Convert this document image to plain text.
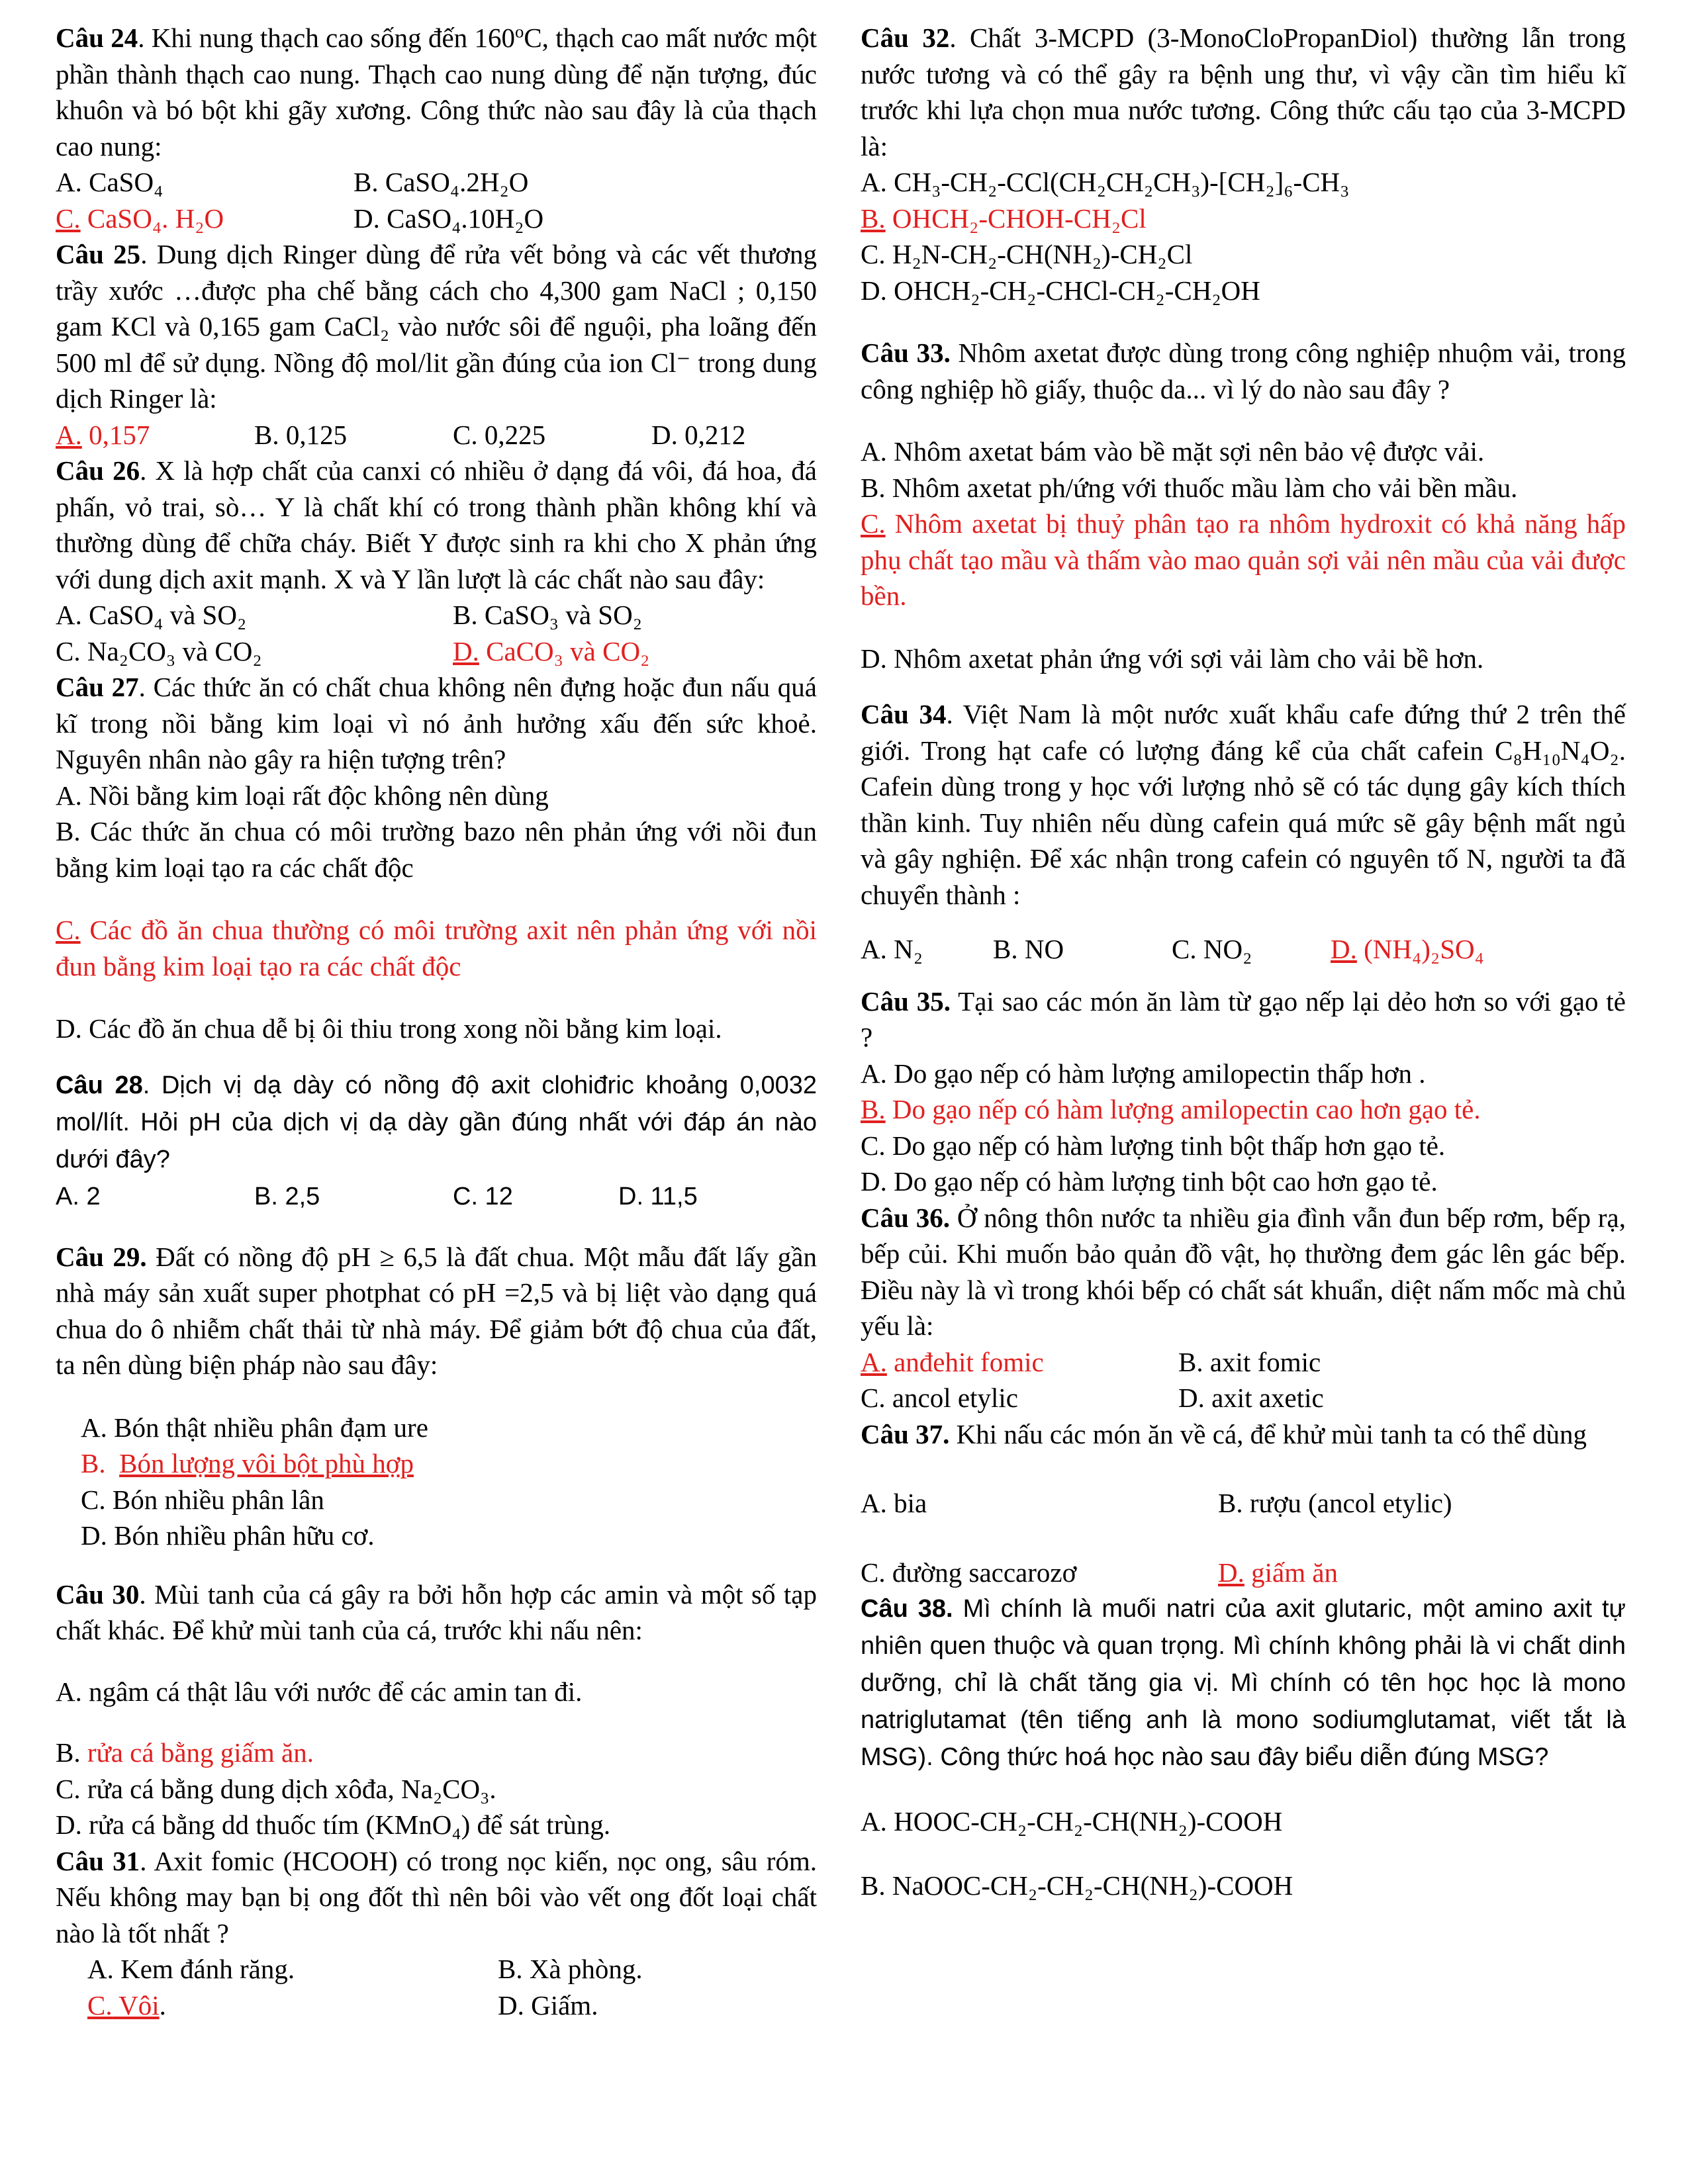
Câu 24. Khi nung thạch cao sống đến 160$^o$C, thạch cao mất nước một phần thành thạch cao nung. Thạch cao nung dùng để nặn tượng, đúc khuôn và bó bột khi gãy xương. Công thức nào sau đây là của thạch cao nung:

A. CaSO₄	B. CaSO₄.2H₂O
C. CaSO₄. H₂O	D. CaSO₄.10H₂O

Câu 25. Dung dịch Ringer dùng để rửa vết bỏng và các vết thương trầy xước …được pha chế bằng cách cho 4,300 gam NaCl ; 0,150 gam KCl và 0,165 gam CaCl₂ vào nước sôi để nguội, pha loãng đến 500 ml để sử dụng. Nồng độ mol/lit gần đúng của ion Cl⁻ trong dung dịch Ringer là:

A. 0,157	B. 0,125	C. 0,225	D. 0,212

Câu 26. X là hợp chất của canxi có nhiều ở dạng đá vôi, đá hoa, đá phấn, vỏ trai, sò… Y là chất khí có trong thành phần không khí và thường dùng để chữa cháy. Biết Y được sinh ra khi cho X phản ứng với dung dịch axit mạnh. X và Y lần lượt là các chất nào sau đây:

A. CaSO₄ và SO₂	B. CaSO₃ và SO₂
C. Na₂CO₃ và CO₂	D. CaCO₃ và CO₂

Câu 27. Các thức ăn có chất chua không nên đựng hoặc đun nấu quá kĩ trong nồi bằng kim loại vì nó ảnh hưởng xấu đến sức khoẻ. Nguyên nhân nào gây ra hiện tượng trên?

A. Nồi bằng kim loại rất độc không nên dùng

B. Các thức ăn chua có môi trường bazo nên phản ứng với nồi đun bằng kim loại tạo ra các chất độc

C. Các đồ ăn chua thường có môi trường axit nên phản ứng với nồi đun bằng kim loại tạo ra các chất độc

D. Các đồ ăn chua dễ bị ôi thiu trong xong nồi bằng kim loại.

Câu 28. Dịch vị dạ dày có nồng độ axit clohiđric khoảng 0,0032 mol/lít. Hỏi pH của dịch vị dạ dày gần đúng nhất với đáp án nào dưới đây?

A. 2	B. 2,5	C. 12	D. 11,5

Câu 29. Đất có nồng độ pH ≥ 6,5 là đất chua. Một mẫu đất lấy gần nhà máy sản xuất super photphat có pH =2,5 và bị liệt vào dạng quá chua do ô nhiễm chất thải từ nhà máy. Để giảm bớt độ chua của đất, ta nên dùng biện pháp nào sau đây:

A. Bón thật nhiều phân đạm ure

B. Bón lượng vôi bột phù hợp

C. Bón nhiều phân lân

D. Bón nhiều phân hữu cơ.

Câu 30. Mùi tanh của cá gây ra bởi hỗn hợp các amin và một số tạp chất khác. Để khử mùi tanh của cá, trước khi nấu nên:

A. ngâm cá thật lâu với nước để các amin tan đi.

B. rửa cá bằng giấm ăn.

C. rửa cá bằng dung dịch xôđa, Na₂CO₃.

D. rửa cá bằng dd thuốc tím (KMnO₄) để sát trùng.

Câu 31. Axit fomic (HCOOH) có trong nọc kiến, nọc ong, sâu róm. Nếu không may bạn bị ong đốt thì nên bôi vào vết ong đốt loại chất nào là tốt nhất ?

A. Kem đánh răng.	B. Xà phòng.
C. Vôi.	D. Giấm.

Câu 32. Chất 3-MCPD (3-MonoCloPropanDiol) thường lẫn trong nước tương và có thể gây ra bệnh ung thư, vì vậy cần tìm hiểu kĩ trước khi lựa chọn mua nước tương. Công thức cấu tạo của 3-MCPD là:

A. CH₃-CH₂-CCl(CH₂CH₂CH₃)-[CH₂]₆-CH₃

B. OHCH₂-CHOH-CH₂Cl

C. H₂N-CH₂-CH(NH₂)-CH₂Cl

D. OHCH₂-CH₂-CHCl-CH₂-CH₂OH

Câu 33. Nhôm axetat được dùng trong công nghiệp nhuộm vải, trong công nghiệp hồ giấy, thuộc da... vì lý do nào sau đây ?

A. Nhôm axetat bám vào bề mặt sợi nên bảo vệ được vải.

B. Nhôm axetat ph/ứng với thuốc mầu làm cho vải bền mầu.

C. Nhôm axetat bị thuỷ phân tạo ra nhôm hydroxit có khả năng hấp phụ chất tạo mầu và thấm vào mao quản sợi vải nên mầu của vải được bền.

D. Nhôm axetat phản ứng với sợi vải làm cho vải bề hơn.

Câu 34. Việt Nam là một nước xuất khẩu cafe đứng thứ 2 trên thế giới. Trong hạt cafe có lượng đáng kể của chất cafein C₈H₁₀N₄O₂. Cafein dùng trong y học với lượng nhỏ sẽ có tác dụng gây kích thích thần kinh. Tuy nhiên nếu dùng cafein quá mức sẽ gây bệnh mất ngủ và gây nghiện. Để xác nhận trong cafein có nguyên tố N, người ta đã chuyển thành :

A. N₂	B. NO	C. NO₂	D. (NH₄)₂SO₄

Câu 35. Tại sao các món ăn làm từ gạo nếp lại dẻo hơn so với gạo tẻ ?

A. Do gạo nếp có hàm lượng amilopectin thấp hơn .

B. Do gạo nếp có hàm lượng amilopectin cao hơn gạo tẻ.

C. Do gạo nếp có hàm lượng tinh bột thấp hơn gạo tẻ.

D. Do gạo nếp có hàm lượng tinh bột cao hơn gạo tẻ.

Câu 36. Ở nông thôn nước ta nhiều gia đình vẫn đun bếp rơm, bếp rạ, bếp củi. Khi muốn bảo quản đồ vật, họ thường đem gác lên gác bếp. Điều này là vì trong khói bếp có chất sát khuẩn, diệt nấm mốc mà chủ yếu là:

A. anđehit fomic	B. axit fomic
C. ancol etylic	D. axit axetic

Câu 37. Khi nấu các món ăn về cá, để khử mùi tanh ta có thể dùng

A. bia	B. rượu (ancol etylic)
C. đường saccarozơ	D. giấm ăn

Câu 38. Mì chính là muối natri của axit glutaric, một amino axit tự nhiên quen thuộc và quan trọng. Mì chính không phải là vi chất dinh dưỡng, chỉ là chất tăng gia vị. Mì chính có tên học học là mono natriglutamat (tên tiếng anh là mono sodiumglutamat, viết tắt là MSG). Công thức hoá học nào sau đây biểu diễn đúng MSG?

A. HOOC-CH₂-CH₂-CH(NH₂)-COOH

B. NaOOC-CH₂-CH₂-CH(NH₂)-COOH
